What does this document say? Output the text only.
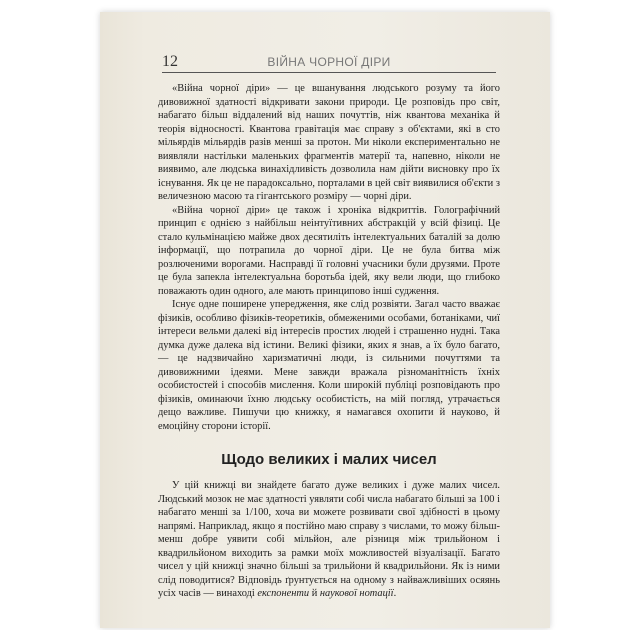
12	ВІЙНА ЧОРНОЇ ДІРИ

«Війна чорної діри» — це вшанування людського розуму та його дивовижної здатності відкривати закони природи. Це розповідь про світ, набагато більш віддалений від наших почуттів, ніж квантова механіка й теорія відносності. Квантова гравітація має справу з об'єктами, які в сто мільярдів мільярдів разів менші за протон. Ми ніколи експериментально не виявляли настільки маленьких фрагментів матерії та, напевно, ніколи не виявимо, але людська винахідливість дозволила нам дійти висновку про їх існування. Як це не парадоксально, порталами в цей світ виявилися об'єкти з величезною масою та гігантського розміру — чорні діри.

«Війна чорної діри» це також і хроніка відкриттів. Голографічний принцип є однією з найбільш неінтуїтивних абстракцій у всій фізиці. Це стало кульмінацією майже двох десятиліть інтелектуальних баталій за долю інформації, що потрапила до чорної діри. Це не була битва між розлюченими ворогами. Насправді її головні учасники були друзями. Проте це була запекла інтелектуальна боротьба ідей, яку вели люди, що глибоко поважають один одного, але мають принципово інші судження.

Існує одне поширене упередження, яке слід розвіяти. Загал часто вважає фізиків, особливо фізиків-теоретиків, обмеженими особами, ботаніками, чиї інтереси вельми далекі від інтересів простих людей і страшенно нудні. Така думка дуже далека від істини. Великі фізики, яких я знав, а їх було багато, — це надзвичайно харизматичні люди, із сильними почуттями та дивовижними ідеями. Мене завжди вражала різноманітність їхніх особистостей і способів мислення. Коли широкій публіці розповідають про фізиків, оминаючи їхню людську особистість, на мій погляд, утрачається дещо важливе. Пишучи цю книжку, я намагався охопити й науково, й емоційну сторони історії.

Щодо великих і малих чисел

У цій книжці ви знайдете багато дуже великих і дуже малих чисел. Людський мозок не має здатності уявляти собі числа набагато більші за 100 і набагато менші за 1/100, хоча ви можете розвивати свої здібності в цьому напрямі. Наприклад, якщо я постійно маю справу з числами, то можу більш-менш добре уявити собі мільйон, але різниця між трильйоном і квадрильйоном виходить за рамки моїх можливостей візуалізації. Багато чисел у цій книжці значно більші за трильйони й квадрильйони. Як із ними слід поводитися? Відповідь ґрунтується на одному з найважливіших осяянь усіх часів — винаході експоненти й наукової нотації.
